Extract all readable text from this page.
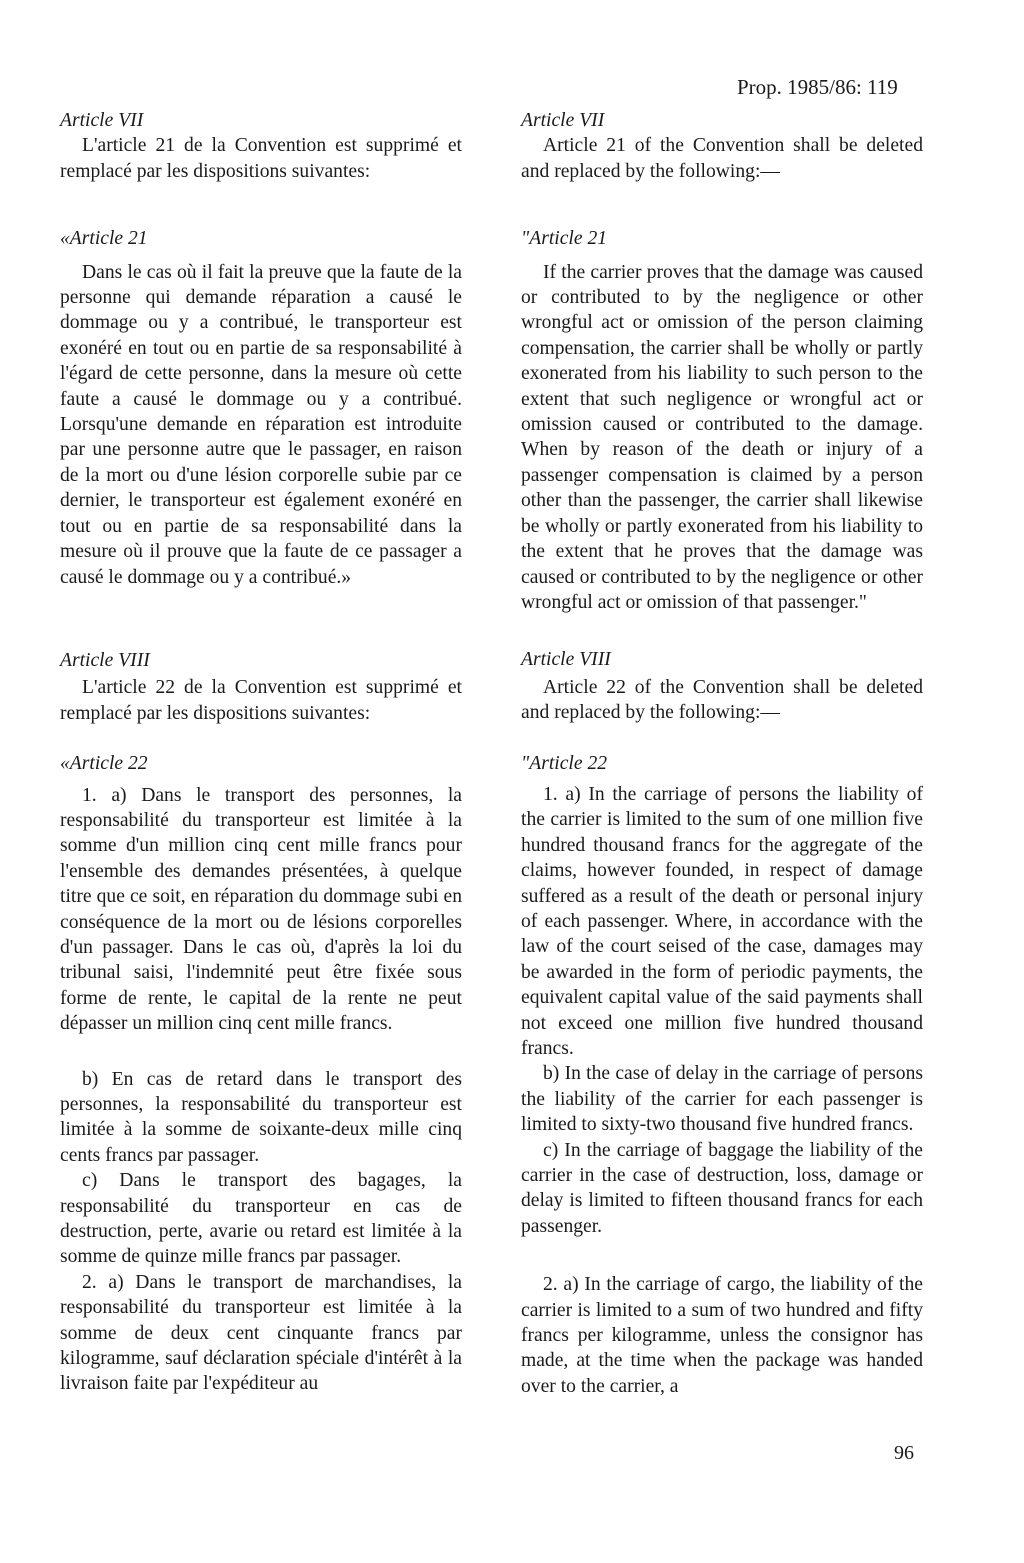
Prop. 1985/86: 119

Article VII

L'article 21 de la Convention est supprimé et remplacé par les dispositions suivantes:

«Article 21

Dans le cas où il fait la preuve que la faute de la personne qui demande réparation a causé le dommage ou y a contribué, le transporteur est exonéré en tout ou en partie de sa responsabilité à l'égard de cette personne, dans la mesure où cette faute a causé le dommage ou y a contribué. Lorsqu'une demande en réparation est introduite par une personne autre que le passager, en raison de la mort ou d'une lésion corporelle subie par ce dernier, le transporteur est également exonéré en tout ou en partie de sa responsabilité dans la mesure où il prouve que la faute de ce passager a causé le dommage ou y a contribué.»

Article VIII

L'article 22 de la Convention est supprimé et remplacé par les dispositions suivantes:

«Article 22

1. a) Dans le transport des personnes, la responsabilité du transporteur est limitée à la somme d'un million cinq cent mille francs pour l'ensemble des demandes présentées, à quelque titre que ce soit, en réparation du dommage subi en conséquence de la mort ou de lésions corporelles d'un passager. Dans le cas où, d'après la loi du tribunal saisi, l'indemnité peut être fixée sous forme de rente, le capital de la rente ne peut dépasser un million cinq cent mille francs.

b) En cas de retard dans le transport des personnes, la responsabilité du transporteur est limitée à la somme de soixante-deux mille cinq cents francs par passager.

c) Dans le transport des bagages, la responsabilité du transporteur en cas de destruction, perte, avarie ou retard est limitée à la somme de quinze mille francs par passager.

2. a) Dans le transport de marchandises, la responsabilité du transporteur est limitée à la somme de deux cent cinquante francs par kilogramme, sauf déclaration spéciale d'intérêt à la livraison faite par l'expéditeur au

Article VII

Article 21 of the Convention shall be deleted and replaced by the following:—

"Article 21

If the carrier proves that the damage was caused or contributed to by the negligence or other wrongful act or omission of the person claiming compensation, the carrier shall be wholly or partly exonerated from his liability to such person to the extent that such negligence or wrongful act or omission caused or contributed to the damage. When by reason of the death or injury of a passenger compensation is claimed by a person other than the passenger, the carrier shall likewise be wholly or partly exonerated from his liability to the extent that he proves that the damage was caused or contributed to by the negligence or other wrongful act or omission of that passenger."

Article VIII

Article 22 of the Convention shall be deleted and replaced by the following:—

"Article 22

1. a) In the carriage of persons the liability of the carrier is limited to the sum of one million five hundred thousand francs for the aggregate of the claims, however founded, in respect of damage suffered as a result of the death or personal injury of each passenger. Where, in accordance with the law of the court seised of the case, damages may be awarded in the form of periodic payments, the equivalent capital value of the said payments shall not exceed one million five hundred thousand francs.

b) In the case of delay in the carriage of persons the liability of the carrier for each passenger is limited to sixty-two thousand five hundred francs.

c) In the carriage of baggage the liability of the carrier in the case of destruction, loss, damage or delay is limited to fifteen thousand francs for each passenger.

2. a) In the carriage of cargo, the liability of the carrier is limited to a sum of two hundred and fifty francs per kilogramme, unless the consignor has made, at the time when the package was handed over to the carrier, a

96
